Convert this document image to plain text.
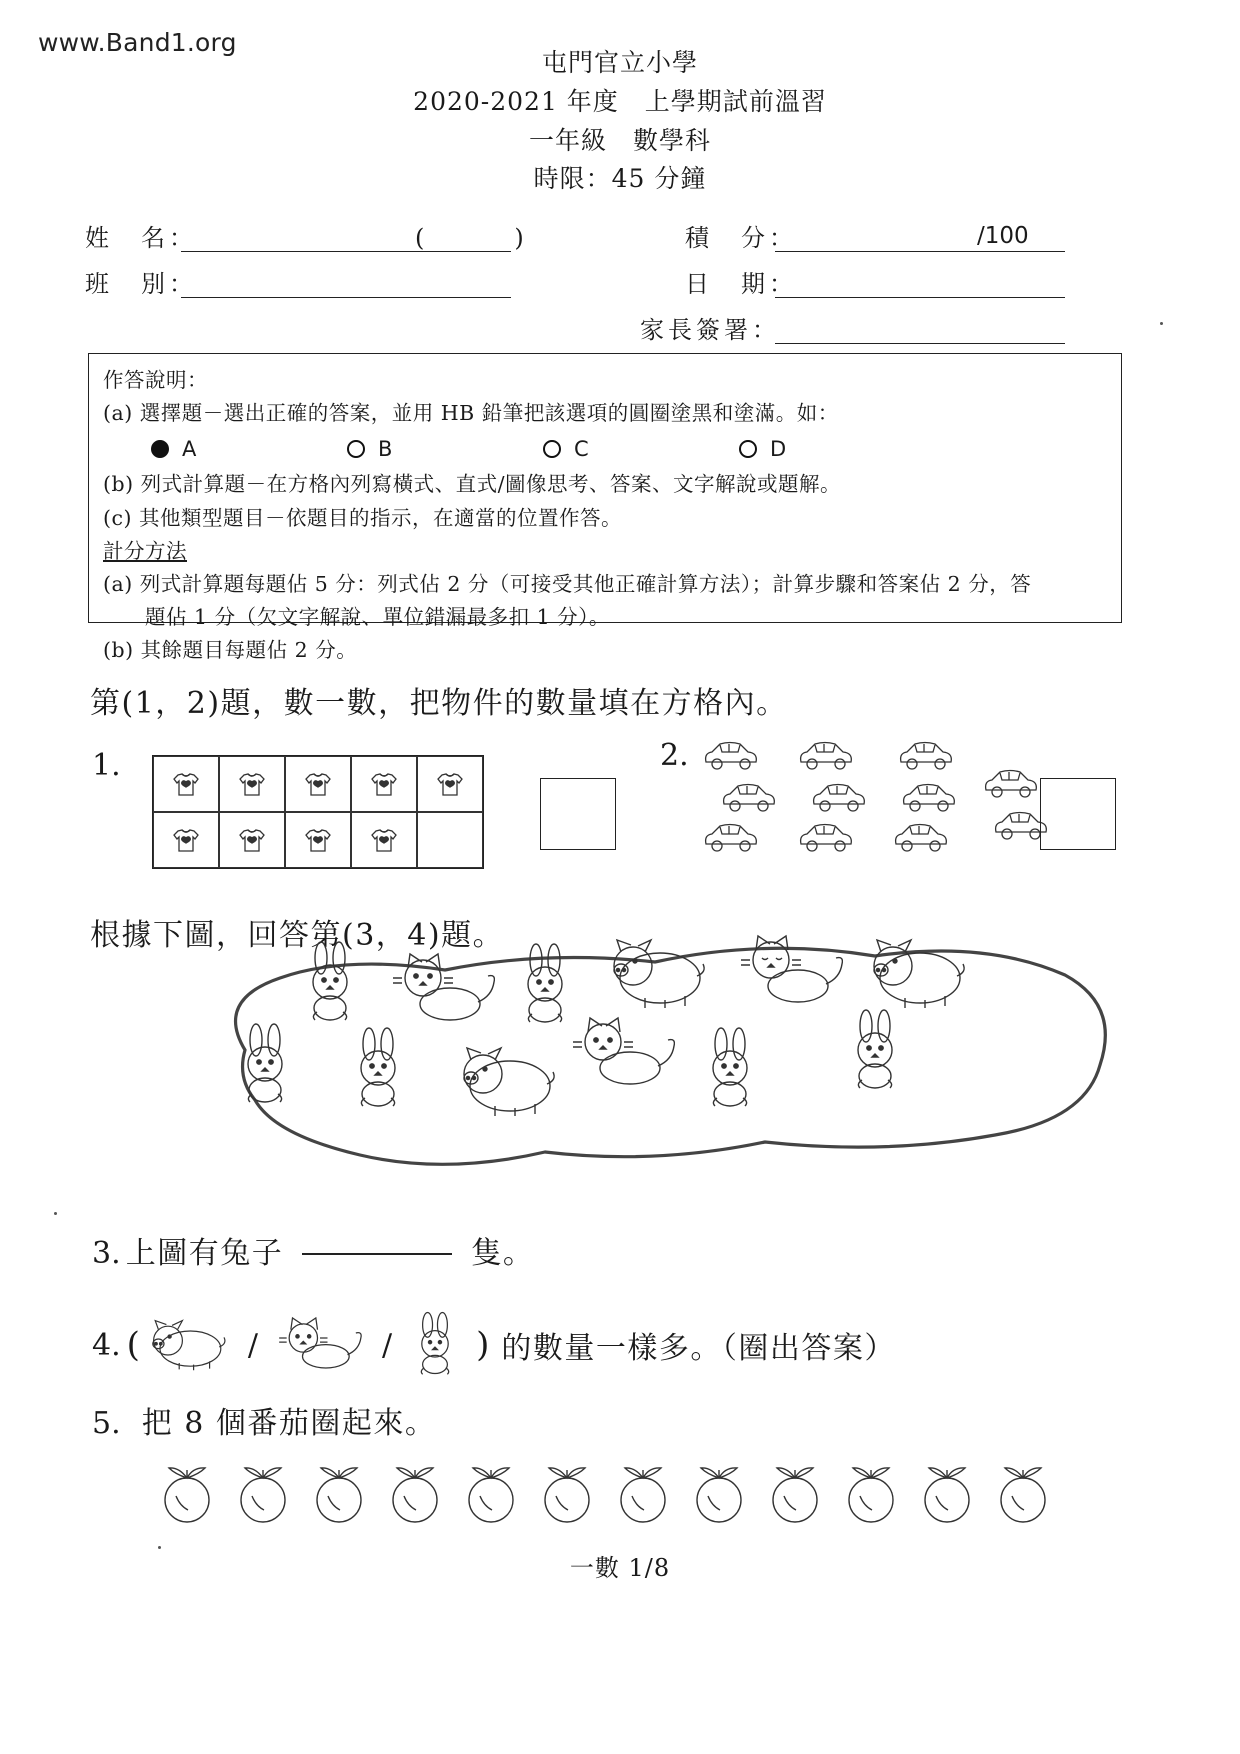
www.Band1.org
屯門官立小學
2020-2021 年度　上學期試前溫習
一年級　數學科
時限：45 分鐘
姓　名：	(　　)	積　分：	/100
班　別：	日　期：
家長簽署：
作答說明：
(a) 選擇題－選出正確的答案，並用 HB 鉛筆把該選項的圓圈塗黑和塗滿。如：
A	B	C	D
(b) 列式計算題－在方格內列寫橫式、直式/圖像思考、答案、文字解說或題解。
(c) 其他類型題目－依題目的指示，在適當的位置作答。
計分方法
(a) 列式計算題每題佔 5 分：列式佔 2 分（可接受其他正確計算方法）；計算步驟和答案佔 2 分，答
題佔 1 分（欠文字解說、單位錯漏最多扣 1 分）。
(b) 其餘題目每題佔 2 分。
第(1，2)題，數一數，把物件的數量填在方格內。
1.	2.
根據下圖，回答第(3，4)題。
3. 上圖有兔子	隻。
4. (	/	/ ) 的數量一樣多。（圈出答案）
5. 把 8 個番茄圈起來。
一數 1/8
